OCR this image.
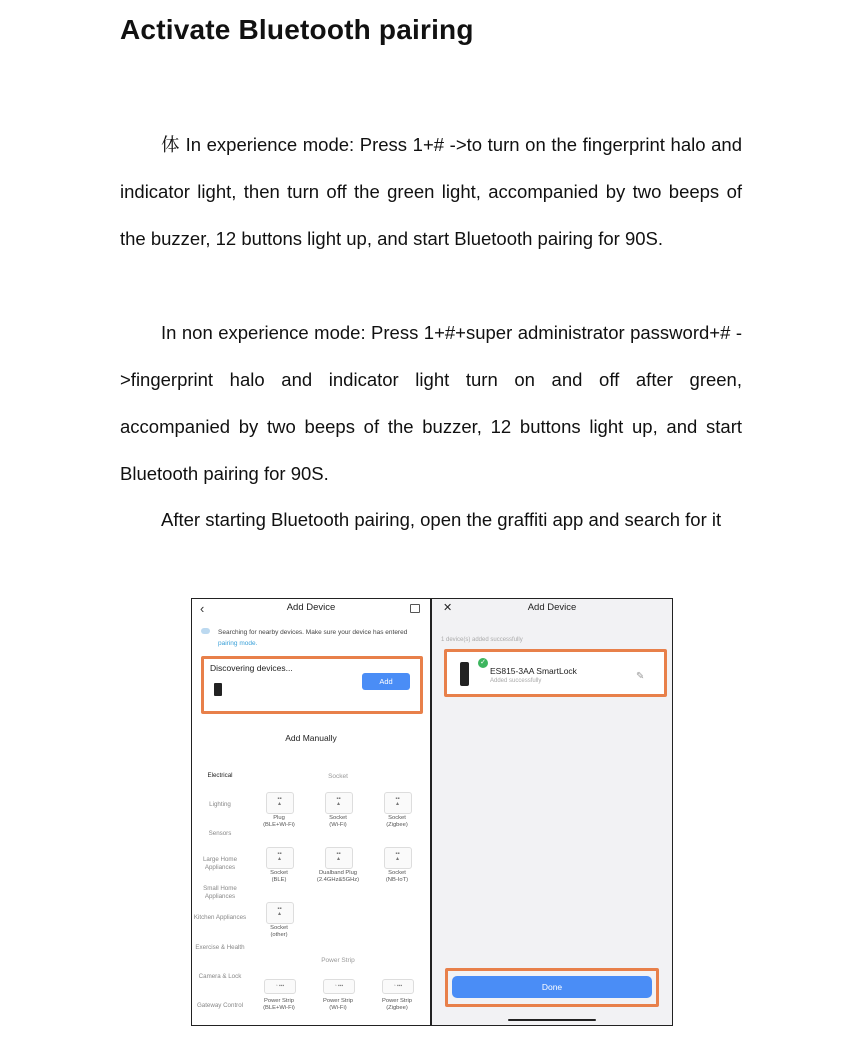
Activate Bluetooth pairing
体 In experience mode: Press 1+# ->to turn on the fingerprint halo and indicator light, then turn off the green light, accompanied by two beeps of the buzzer, 12 buttons light up, and start Bluetooth pairing for 90S.
In non experience mode: Press 1+#+super administrator password+# ->fingerprint halo and indicator light turn on and off after green, accompanied by two beeps of the buzzer, 12 buttons light up, and start Bluetooth pairing for 90S.
After starting Bluetooth pairing, open the graffiti app and search for it
‹	Add Device
Searching for nearby devices. Make sure your device has entered pairing mode.
Discovering devices...
Add
Add Manually
Electrical
Lighting
Sensors
Large Home Appliances
Small Home Appliances
Kitchen Appliances
Exercise & Health
Camera & Lock
Gateway Control
Socket
▪▪
▴
Plug
(BLE+Wi-Fi)
▪▪
▴
Socket
(Wi-Fi)
▪▪
▴
Socket
(Zigbee)
▪▪
▴
Socket
(BLE)
▪▪
▴
Dualband Plug
(2.4GHz&5GHz)
▪▪
▴
Socket
(NB-IoT)
▪▪
▴
Socket
(other)
Power Strip
▫ ▪▪▪
Power Strip
(BLE+Wi-Fi)
▫ ▪▪▪
Power Strip
(Wi-Fi)
▫ ▪▪▪
Power Strip
(Zigbee)
✕	Add Device
1 device(s) added successfully
✓
ES815-3AA SmartLock
Added successfully	✎
Done
